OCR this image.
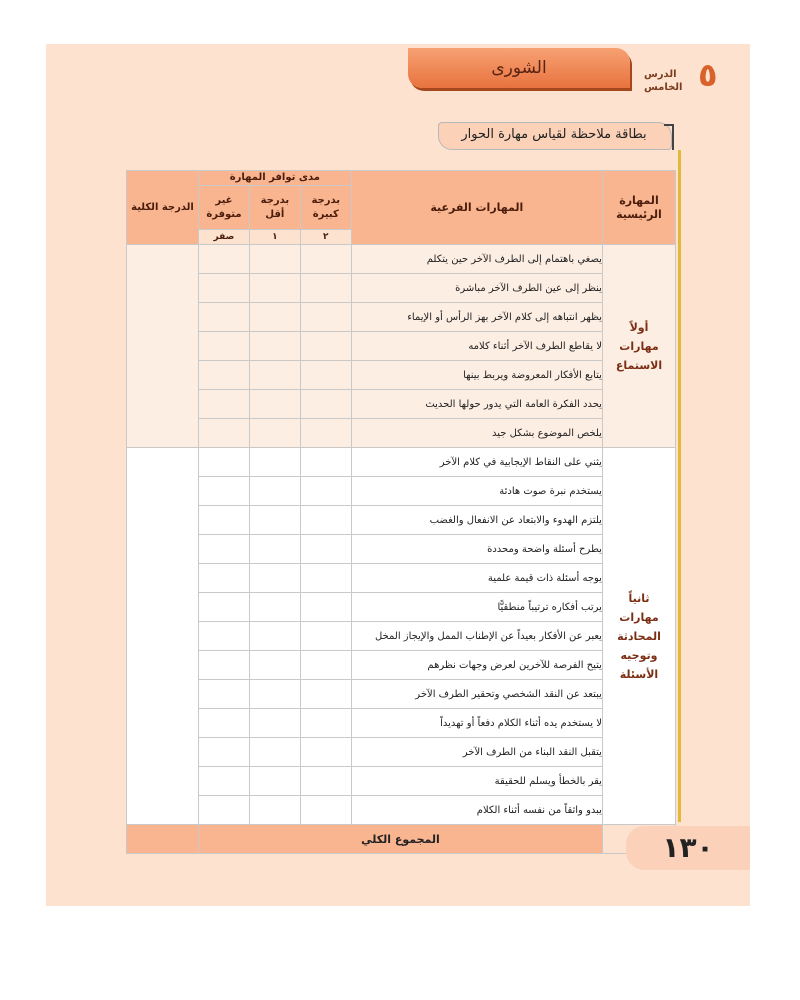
٥
الدرس
الخامس
الشورى
بطاقة ملاحظة لقياس مهارة الحوار
المهارة الرئيسية	المهارات الفرعية	مدى توافر المهارة			الدرجة الكلية
		بدرجة كبيرة	بدرجة أقل	غير متوفرة	
		٢	١	صفر	

أولاً
مهارات
الاستماع	يصغي باهتمام إلى الطرف الآخر حين يتكلم				
	ينظر إلى عين الطرف الآخر مباشرة				
	يظهر انتباهه إلى كلام الآخر بهز الرأس أو الإيماء				
	لا يقاطع الطرف الآخر أثناء كلامه				
	يتابع الأفكار المعروضة ويربط بينها				
	يحدد الفكرة العامة التي يدور حولها الحديث				
	يلخص الموضوع بشكل جيد				

ثانياً
مهارات
المحادثة
وتوجيه
الأسئلة	يثني على النقاط الإيجابية في كلام الآخر				
	يستخدم نبرة صوت هادئة				
	يلتزم الهدوء والابتعاد عن الانفعال والغضب				
	يطرح أسئلة واضحة ومحددة				
	يوجه أسئلة ذات قيمة علمية				
	يرتب أفكاره ترتيباً منطقيًّا				
	يعبر عن الأفكار بعيداً عن الإطناب الممل والإيجاز المخل				
	يتيح الفرصة للآخرين لعرض وجهات نظرهم				
	يبتعد عن النقد الشخصي وتحقير الطرف الآخر				
	لا يستخدم يده أثناء الكلام دفعاً أو تهديداً				
	يتقبل النقد البناء من الطرف الآخر				
	يقر بالخطأ ويسلم للحقيقة				
	يبدو واثقاً من نفسه أثناء الكلام				
	المجموع الكلي					١٣٠
